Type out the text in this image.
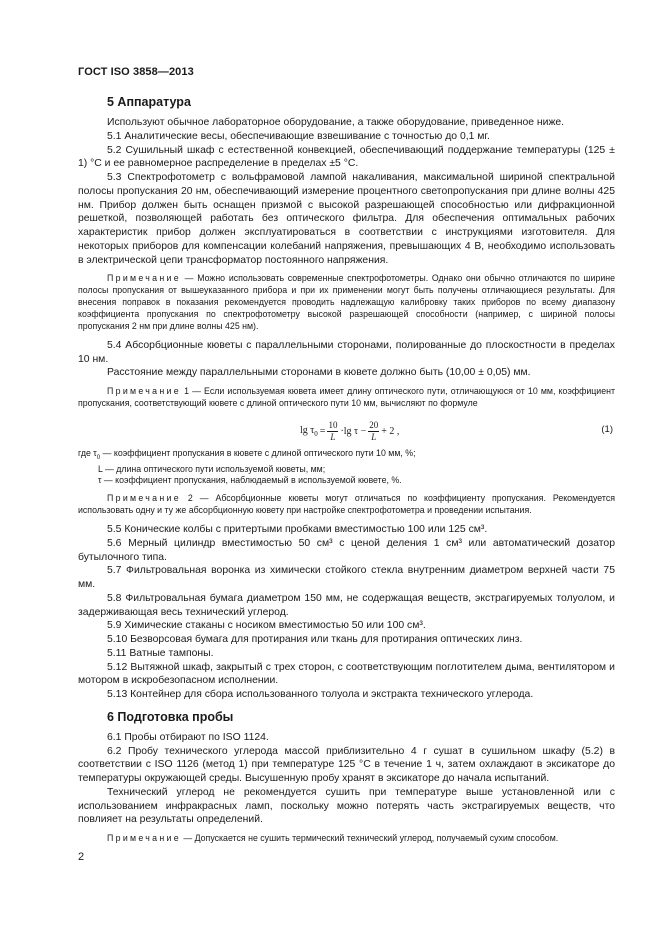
ГОСТ ISO 3858—2013
5 Аппаратура

Используют обычное лабораторное оборудование, а также оборудование, приведенное ниже.

5.1 Аналитические весы, обеспечивающие взвешивание с точностью до 0,1 мг.

5.2 Сушильный шкаф с естественной конвекцией, обеспечивающий поддержание температуры (125 ± 1) °С и ее равномерное распределение в пределах ±5 °С.

5.3 Спектрофотометр с вольфрамовой лампой накаливания, максимальной шириной спектральной полосы пропускания 20 нм, обеспечивающий измерение процентного светопропускания при длине волны 425 нм. Прибор должен быть оснащен призмой с высокой разрешающей способностью или дифракционной решеткой, позволяющей работать без оптического фильтра. Для обеспечения оптимальных рабочих характеристик прибор должен эксплуатироваться в соответствии с инструкциями изготовителя. Для некоторых приборов для компенсации колебаний напряжения, превышающих 4 В, необходимо использовать в электрической цепи трансформатор постоянного напряжения.

Примечание — Можно использовать современные спектрофотометры. Однако они обычно отличаются по ширине полосы пропускания от вышеуказанного прибора и при их применении могут быть получены отличающиеся результаты. Для внесения поправок в показания рекомендуется проводить надлежащую калибровку таких приборов по всему диапазону коэффициента пропускания по спектрофотометру высокой разрешающей способности (например, с шириной полосы пропускания 2 нм при длине волны 425 нм).

5.4 Абсорбционные кюветы с параллельными сторонами, полированные до плоскостности в пределах 10 нм.

Расстояние между параллельными сторонами в кювете должно быть (10,00 ± 0,05) мм.

Примечание 1 — Если используемая кювета имеет длину оптического пути, отличающуюся от 10 мм, коэффициент пропускания, соответствующий кювете с длиной оптического пути 10 мм, вычисляют по формуле
$\lg \tau_0 = \frac{10}{L} \cdot\lg$ $\tau - \frac{20}{L} + 2$ ,	(1)
где $\tau_0$ — коэффициент пропускания в кювете с длиной оптического пути 10 мм, %;
L — длина оптического пути используемой кюветы, мм;
τ — коэффициент пропускания, наблюдаемый в используемой кювете, %.
Примечание 2 — Абсорбционные кюветы могут отличаться по коэффициенту пропускания. Рекомендуется использовать одну и ту же абсорбционную кювету при настройке спектрофотометра и проведении испытания.

5.5 Конические колбы с притертыми пробками вместимостью 100 или 125 см³.

5.6 Мерный цилиндр вместимостью 50 см³ с ценой деления 1 см³ или автоматический дозатор бутылочного типа.

5.7 Фильтровальная воронка из химически стойкого стекла внутренним диаметром верхней части 75 мм.

5.8 Фильтровальная бумага диаметром 150 мм, не содержащая веществ, экстрагируемых толуолом, и задерживающая весь технический углерод.

5.9 Химические стаканы с носиком вместимостью 50 или 100 см³.

5.10 Безворсовая бумага для протирания или ткань для протирания оптических линз.

5.11 Ватные тампоны.

5.12 Вытяжной шкаф, закрытый с трех сторон, с соответствующим поглотителем дыма, вентилятором и мотором в искробезопасном исполнении.

5.13 Контейнер для сбора использованного толуола и экстракта технического углерода.

6 Подготовка пробы

6.1 Пробы отбирают по ISO 1124.

6.2 Пробу технического углерода массой приблизительно 4 г сушат в сушильном шкафу (5.2) в соответствии с ISO 1126 (метод 1) при температуре 125 °С в течение 1 ч, затем охлаждают в эксикаторе до температуры окружающей среды. Высушенную пробу хранят в эксикаторе до начала испытаний.

Технический углерод не рекомендуется сушить при температуре выше установленной или с использованием инфракрасных ламп, поскольку можно потерять часть экстрагируемых веществ, что повлияет на результаты определений.

Примечание — Допускается не сушить термический технический углерод, получаемый сухим способом.
2
